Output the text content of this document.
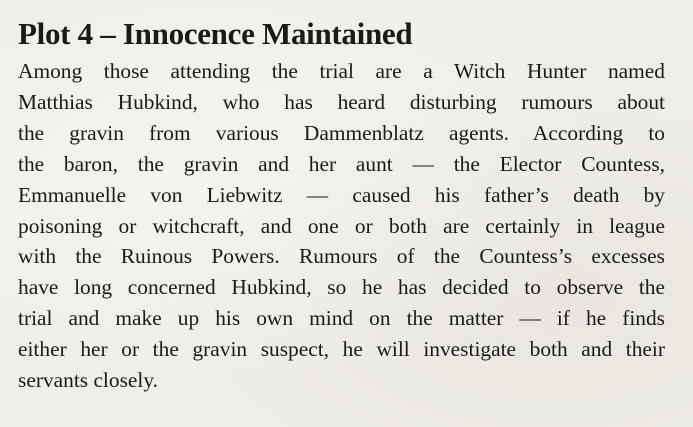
Plot 4 – Innocence Maintained

Among those attending the trial are a Witch Hunter named
Matthias Hubkind, who has heard disturbing rumours about
the gravin from various Dammenblatz agents. According to
the baron, the gravin and her aunt — the Elector Countess,
Emmanuelle von Liebwitz — caused his father’s death by
poisoning or witchcraft, and one or both are certainly in league
with the Ruinous Powers. Rumours of the Countess’s excesses
have long concerned Hubkind, so he has decided to observe the
trial and make up his own mind on the matter — if he finds
either her or the gravin suspect, he will investigate both and their
servants closely.
